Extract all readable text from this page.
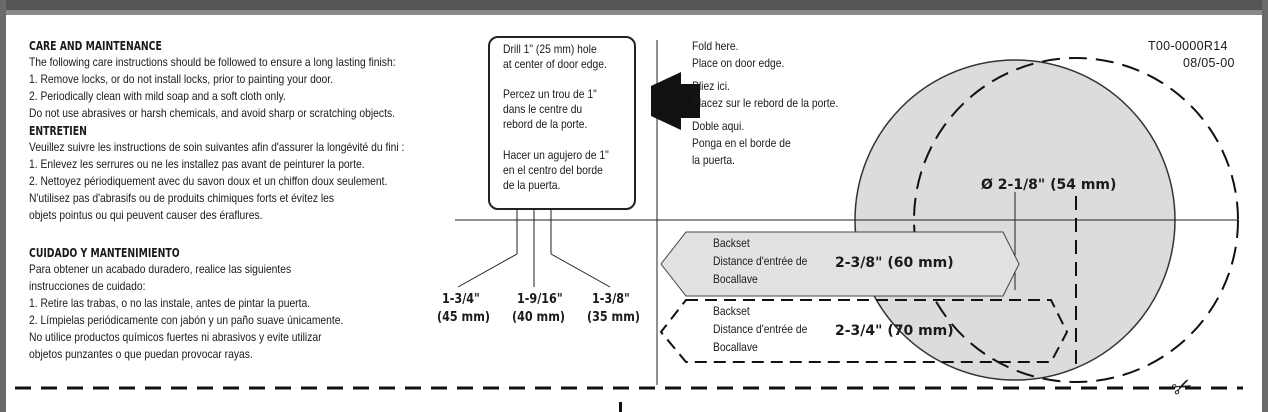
CARE AND MAINTENANCE
The following care instructions should be followed to ensure a long lasting finish:
1. Remove locks, or do not install locks, prior to painting your door.
2. Periodically clean with mild soap and a soft cloth only.
Do not use abrasives or harsh chemicals, and avoid sharp or scratching objects.
ENTRETIEN
Veuillez suivre les instructions de soin suivantes afin d'assurer la longévité du fini :
1. Enlevez les serrures ou ne les installez pas avant de peinturer la porte.
2. Nettoyez périodiquement avec du savon doux et un chiffon doux seulement.
N'utilisez pas d'abrasifs ou de produits chimiques forts et évitez les
objets pointus ou qui peuvent causer des éraflures.
CUIDADO Y MANTENIMIENTO
Para obtener un acabado duradero, realice las siguientes
instrucciones de cuidado:
1. Retire las trabas, o no las instale, antes de pintar la puerta.
2. Límpielas periódicamente con jabón y un paño suave únicamente.
No utilice productos químicos fuertes ni abrasivos y evite utilizar
objetos punzantes o que puedan provocar rayas.
Drill 1" (25 mm) hole
at center of door edge.
Percez un trou de 1"
dans le centre du
rebord de la porte.
Hacer un agujero de 1"
en el centro del borde
de la puerta.
1-3/4"
(45 mm)
1-9/16"
(40 mm)
1-3/8"
(35 mm)
Fold here.
Place on door edge.
Pliez ici.
Placez sur le rebord de la porte.
Doble aqui.
Ponga en el borde de
la puerta.
T00-0000R14
08/05-00
Ø 2-1/8" (54 mm)
Backset
Distance d'entrée de
Bocallave
2-3/8" (60 mm)
Backset
Distance d'entrée de
Bocallave
2-3/4" (70 mm)
✂
